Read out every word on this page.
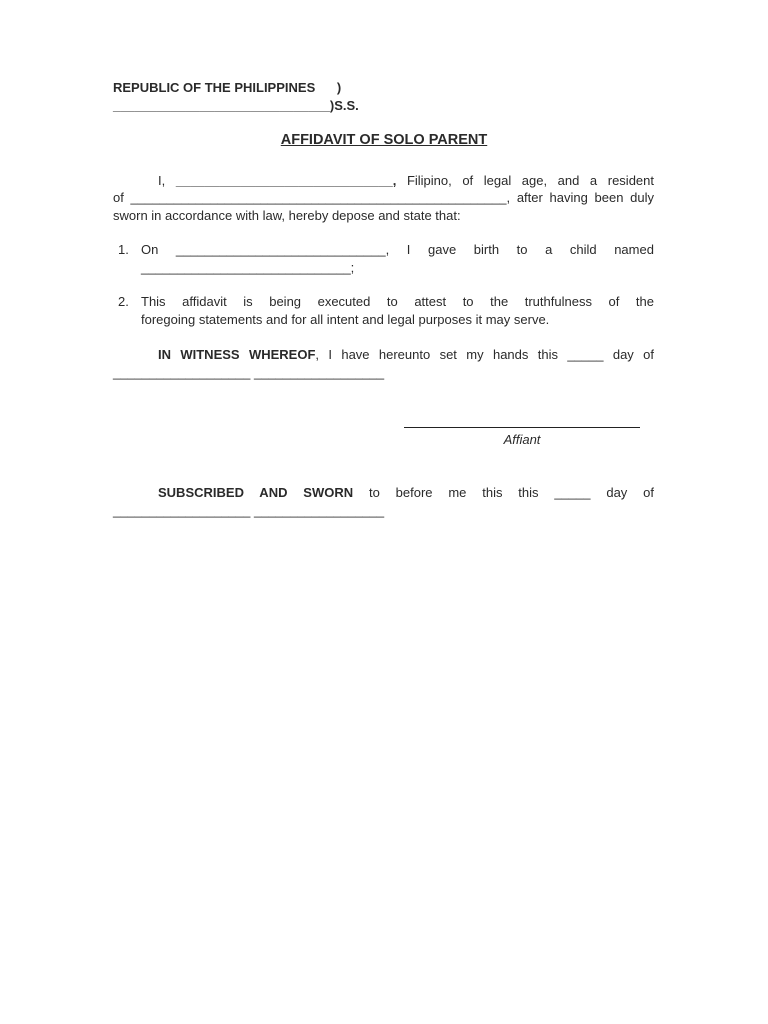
REPUBLIC OF THE PHILIPPINES )
______________________________)S.S.
AFFIDAVIT OF SOLO PARENT
I, ______________________________, Filipino, of legal age, and a resident
of ____________________________________________________, after having been duly
sworn in accordance with law, hereby depose and state that:
1. On _____________________________, I gave birth to a child named
_____________________________;
2. This affidavit is being executed to attest to the truthfulness of the
foregoing statements and for all intent and legal purposes it may serve.
IN WITNESS WHEREOF, I have hereunto set my hands this _____ day of
___________________ __________________
Affiant
SUBSCRIBED AND SWORN to before me this this _____ day of
___________________ __________________
